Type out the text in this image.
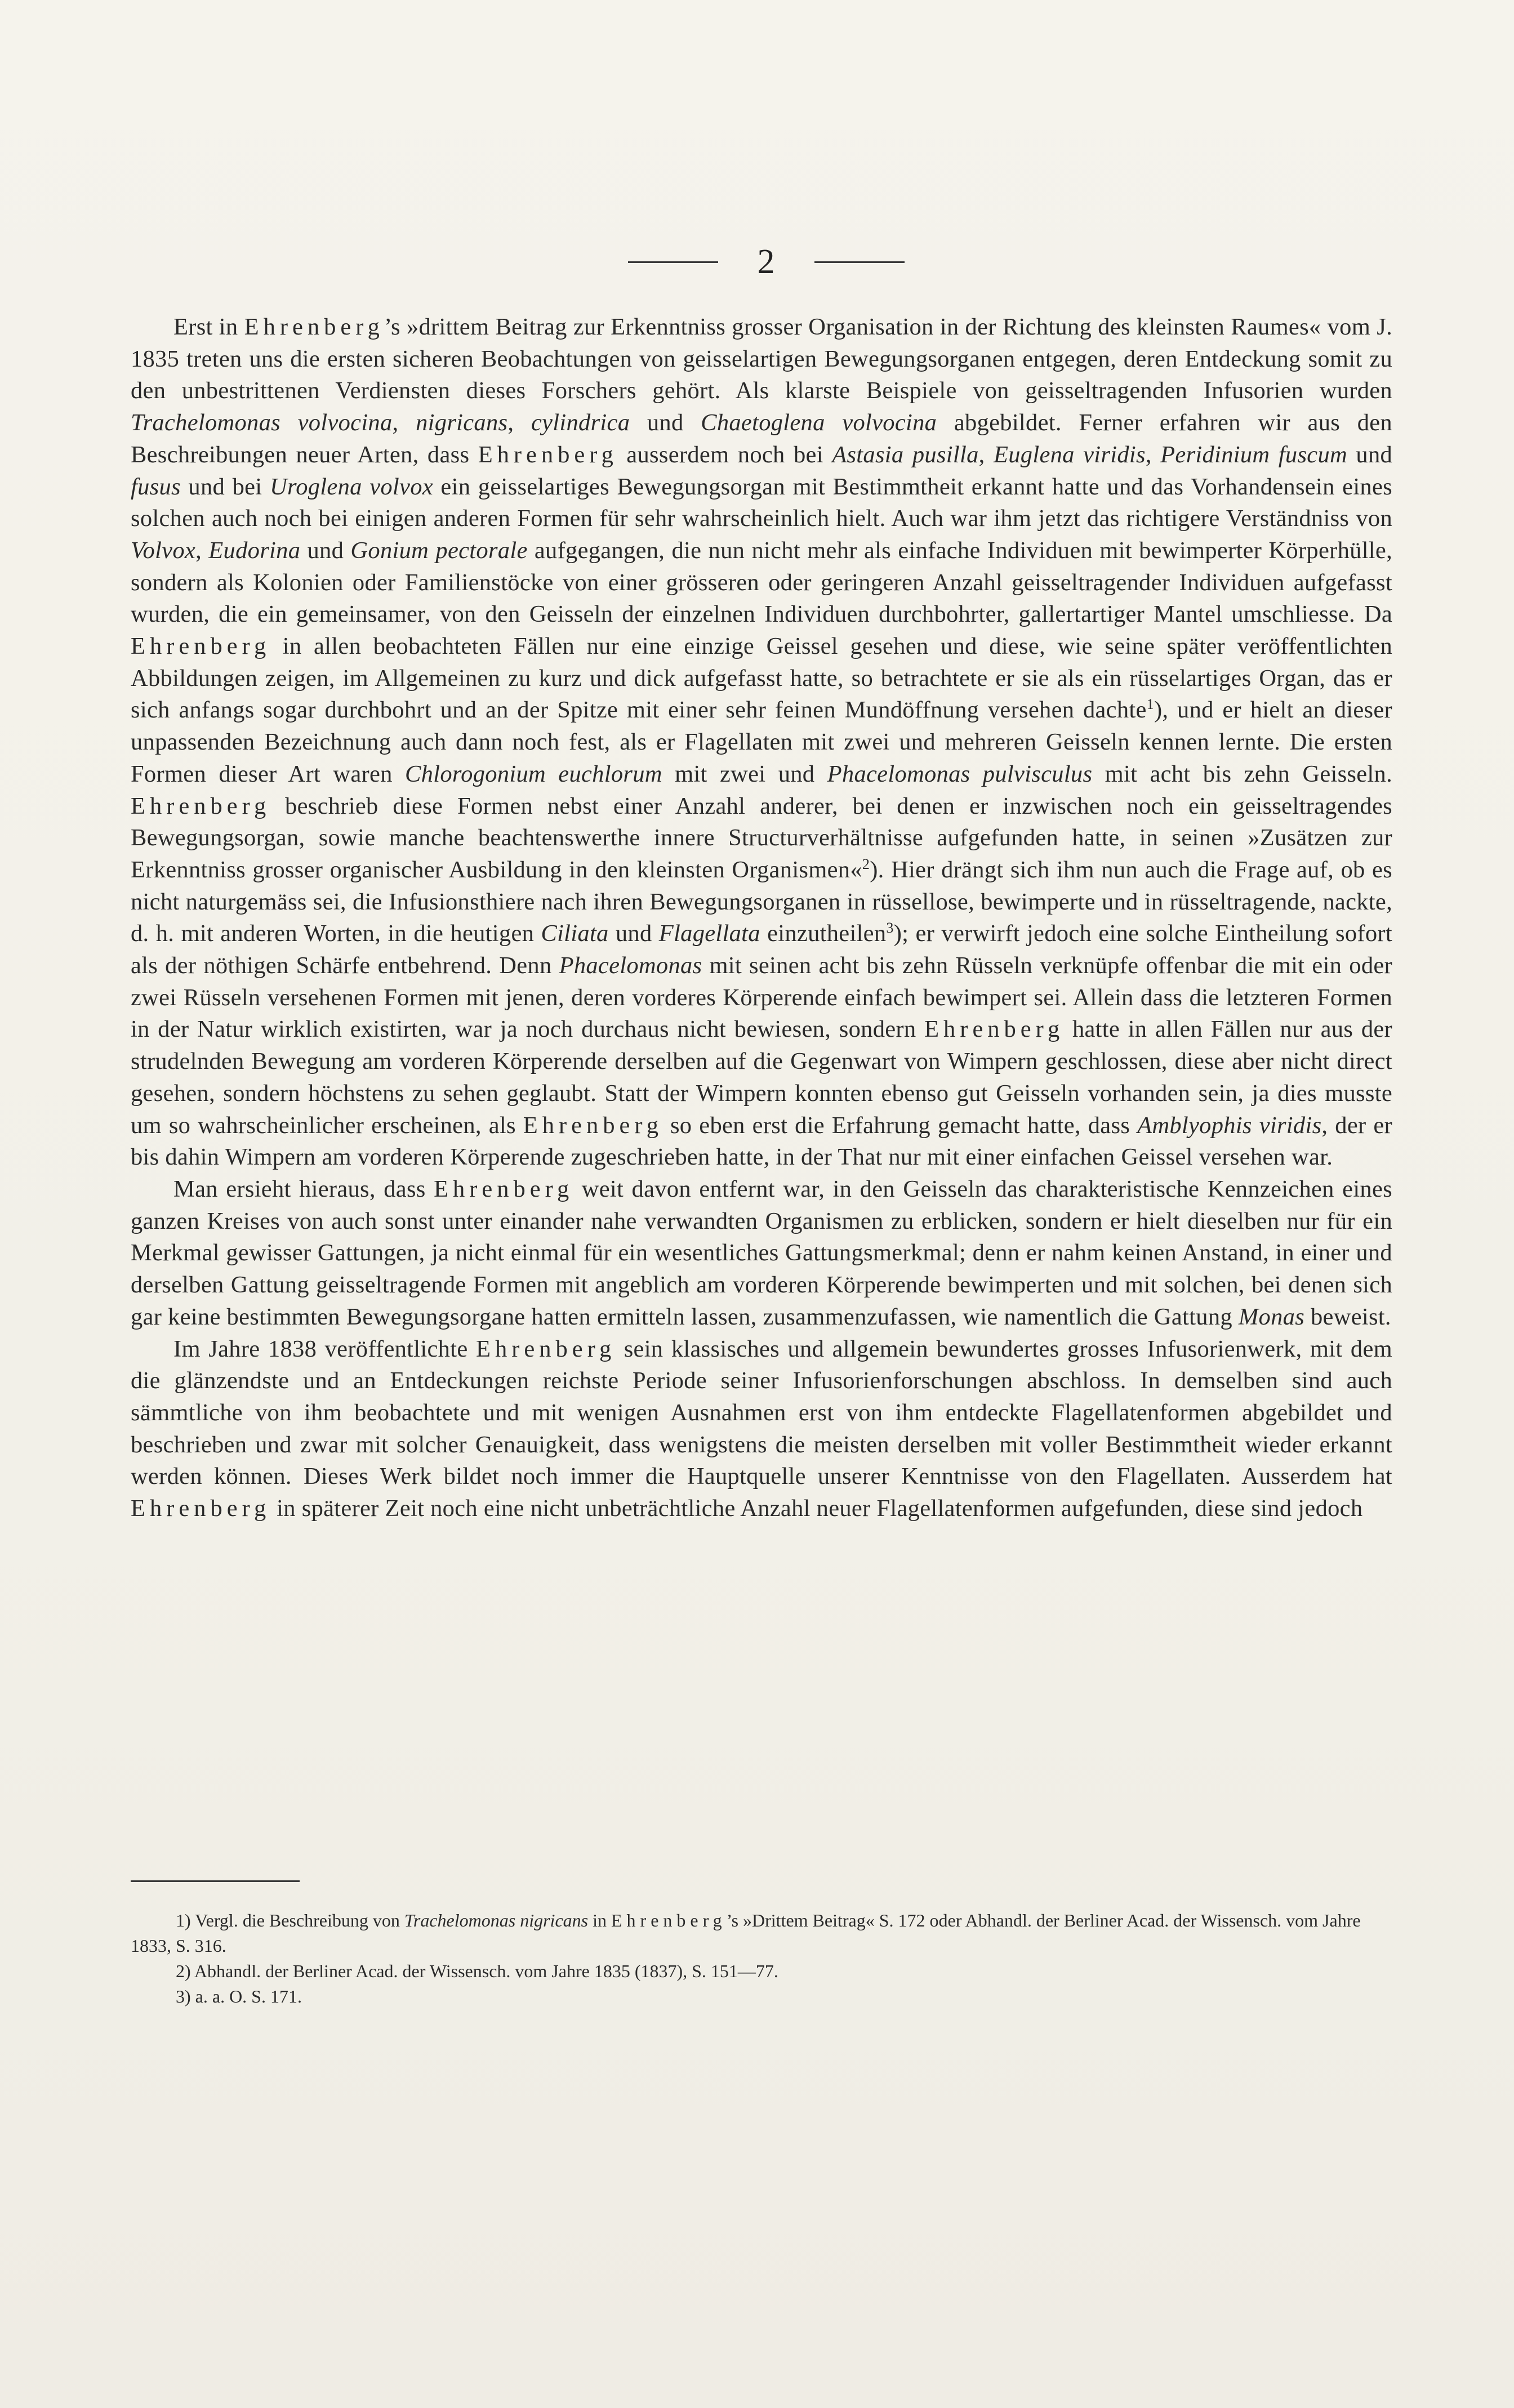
2

Erst in Ehrenberg’s »drittem Beitrag zur Erkenntniss grosser Organisation in der Richtung des kleinsten Raumes« vom J. 1835 treten uns die ersten sicheren Beobachtungen von geisselartigen Bewegungsorganen entgegen, deren Entdeckung somit zu den unbestrittenen Verdiensten dieses Forschers gehört. Als klarste Beispiele von geisseltragenden Infusorien wurden Trachelomonas volvocina, nigricans, cylindrica und Chaetoglena volvocina abgebildet. Ferner erfahren wir aus den Beschreibungen neuer Arten, dass Ehrenberg ausserdem noch bei Astasia pusilla, Euglena viridis, Peridinium fuscum und fusus und bei Uroglena volvox ein geisselartiges Bewegungsorgan mit Bestimmtheit erkannt hatte und das Vorhandensein eines solchen auch noch bei einigen anderen Formen für sehr wahrscheinlich hielt. Auch war ihm jetzt das richtigere Verständniss von Volvox, Eudorina und Gonium pectorale aufgegangen, die nun nicht mehr als einfache Individuen mit bewimperter Körperhülle, sondern als Kolonien oder Familienstöcke von einer grösseren oder geringeren Anzahl geisseltragender Individuen aufgefasst wurden, die ein gemeinsamer, von den Geisseln der einzelnen Individuen durchbohrter, gallertartiger Mantel umschliesse. Da Ehrenberg in allen beobachteten Fällen nur eine einzige Geissel gesehen und diese, wie seine später veröffentlichten Abbildungen zeigen, im Allgemeinen zu kurz und dick aufgefasst hatte, so betrachtete er sie als ein rüsselartiges Organ, das er sich anfangs sogar durchbohrt und an der Spitze mit einer sehr feinen Mundöffnung versehen dachte$^1$), und er hielt an dieser unpassenden Bezeichnung auch dann noch fest, als er Flagellaten mit zwei und mehreren Geisseln kennen lernte. Die ersten Formen dieser Art waren Chlorogonium euchlorum mit zwei und Phacelomonas pulvisculus mit acht bis zehn Geisseln. Ehrenberg beschrieb diese Formen nebst einer Anzahl anderer, bei denen er inzwischen noch ein geisseltragendes Bewegungsorgan, sowie manche beachtenswerthe innere Structurverhältnisse aufgefunden hatte, in seinen »Zusätzen zur Erkenntniss grosser organischer Ausbildung in den kleinsten Organismen«$^2$). Hier drängt sich ihm nun auch die Frage auf, ob es nicht naturgemäss sei, die Infusionsthiere nach ihren Bewegungsorganen in rüssellose, bewimperte und in rüsseltragende, nackte, d. h. mit anderen Worten, in die heutigen Ciliata und Flagellata einzutheilen$^3$); er verwirft jedoch eine solche Eintheilung sofort als der nöthigen Schärfe entbehrend. Denn Phacelomonas mit seinen acht bis zehn Rüsseln verknüpfe offenbar die mit ein oder zwei Rüsseln versehenen Formen mit jenen, deren vorderes Körperende einfach bewimpert sei. Allein dass die letzteren Formen in der Natur wirklich existirten, war ja noch durchaus nicht bewiesen, sondern Ehrenberg hatte in allen Fällen nur aus der strudelnden Bewegung am vorderen Körperende derselben auf die Gegenwart von Wimpern geschlossen, diese aber nicht direct gesehen, sondern höchstens zu sehen geglaubt. Statt der Wimpern konnten ebenso gut Geisseln vorhanden sein, ja dies musste um so wahrscheinlicher erscheinen, als Ehrenberg so eben erst die Erfahrung gemacht hatte, dass Amblyophis viridis, der er bis dahin Wimpern am vorderen Körperende zugeschrieben hatte, in der That nur mit einer einfachen Geissel versehen war.

Man ersieht hieraus, dass Ehrenberg weit davon entfernt war, in den Geisseln das charakteristische Kennzeichen eines ganzen Kreises von auch sonst unter einander nahe verwandten Organismen zu erblicken, sondern er hielt dieselben nur für ein Merkmal gewisser Gattungen, ja nicht einmal für ein wesentliches Gattungsmerkmal; denn er nahm keinen Anstand, in einer und derselben Gattung geisseltragende Formen mit angeblich am vorderen Körperende bewimperten und mit solchen, bei denen sich gar keine bestimmten Bewegungsorgane hatten ermitteln lassen, zusammenzufassen, wie namentlich die Gattung Monas beweist.

Im Jahre 1838 veröffentlichte Ehrenberg sein klassisches und allgemein bewundertes grosses Infusorienwerk, mit dem die glänzendste und an Entdeckungen reichste Periode seiner Infusorienforschungen abschloss. In demselben sind auch sämmtliche von ihm beobachtete und mit wenigen Ausnahmen erst von ihm entdeckte Flagellatenformen abgebildet und beschrieben und zwar mit solcher Genauigkeit, dass wenigstens die meisten derselben mit voller Bestimmtheit wieder erkannt werden können. Dieses Werk bildet noch immer die Hauptquelle unserer Kenntnisse von den Flagellaten. Ausserdem hat Ehrenberg in späterer Zeit noch eine nicht unbeträchtliche Anzahl neuer Flagellatenformen aufgefunden, diese sind jedoch

1) Vergl. die Beschreibung von Trachelomonas nigricans in Ehrenberg’s »Drittem Beitrag« S. 172 oder Abhandl. der Berliner Acad. der Wissensch. vom Jahre 1833, S. 316.

2) Abhandl. der Berliner Acad. der Wissensch. vom Jahre 1835 (1837), S. 151—77.

3) a. a. O. S. 171.
